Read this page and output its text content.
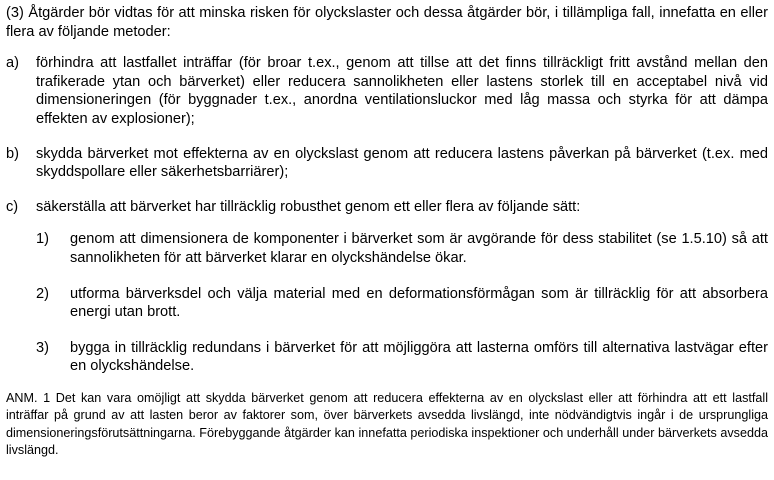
(3) Åtgärder bör vidtas för att minska risken för olyckslaster och dessa åtgärder bör, i tillämpliga fall, innefatta en eller flera av följande metoder:

a) förhindra att lastfallet inträffar (för broar t.ex., genom att tillse att det finns tillräckligt fritt avstånd mellan den trafikerade ytan och bärverket) eller reducera sannolikheten eller lastens storlek till en acceptabel nivå vid dimensioneringen (för byggnader t.ex., anordna ventilationsluckor med låg massa och styrka för att dämpa effekten av explosioner);
b) skydda bärverket mot effekterna av en olyckslast genom att reducera lastens påverkan på bärverket (t.ex. med skyddspollare eller säkerhetsbarriärer);
c) säkerställa att bärverket har tillräcklig robusthet genom ett eller flera av följande sätt:
1) genom att dimensionera de komponenter i bärverket som är avgörande för dess stabilitet (se 1.5.10) så att sannolikheten för att bärverket klarar en olyckshändelse ökar.
2) utforma bärverksdel och välja material med en deformationsförmågan som är tillräcklig för att absorbera energi utan brott.
3) bygga in tillräcklig redundans i bärverket för att möjliggöra att lasterna omförs till alternativa lastvägar efter en olyckshändelse.

ANM. 1 Det kan vara omöjligt att skydda bärverket genom att reducera effekterna av en olyckslast eller att förhindra att ett lastfall inträffar på grund av att lasten beror av faktorer som, över bärverkets avsedda livslängd, inte nödvändigtvis ingår i de ursprungliga dimensioneringsförutsättningarna. Förebyggande åtgärder kan innefatta periodiska inspektioner och underhåll under bärverkets avsedda livslängd.
